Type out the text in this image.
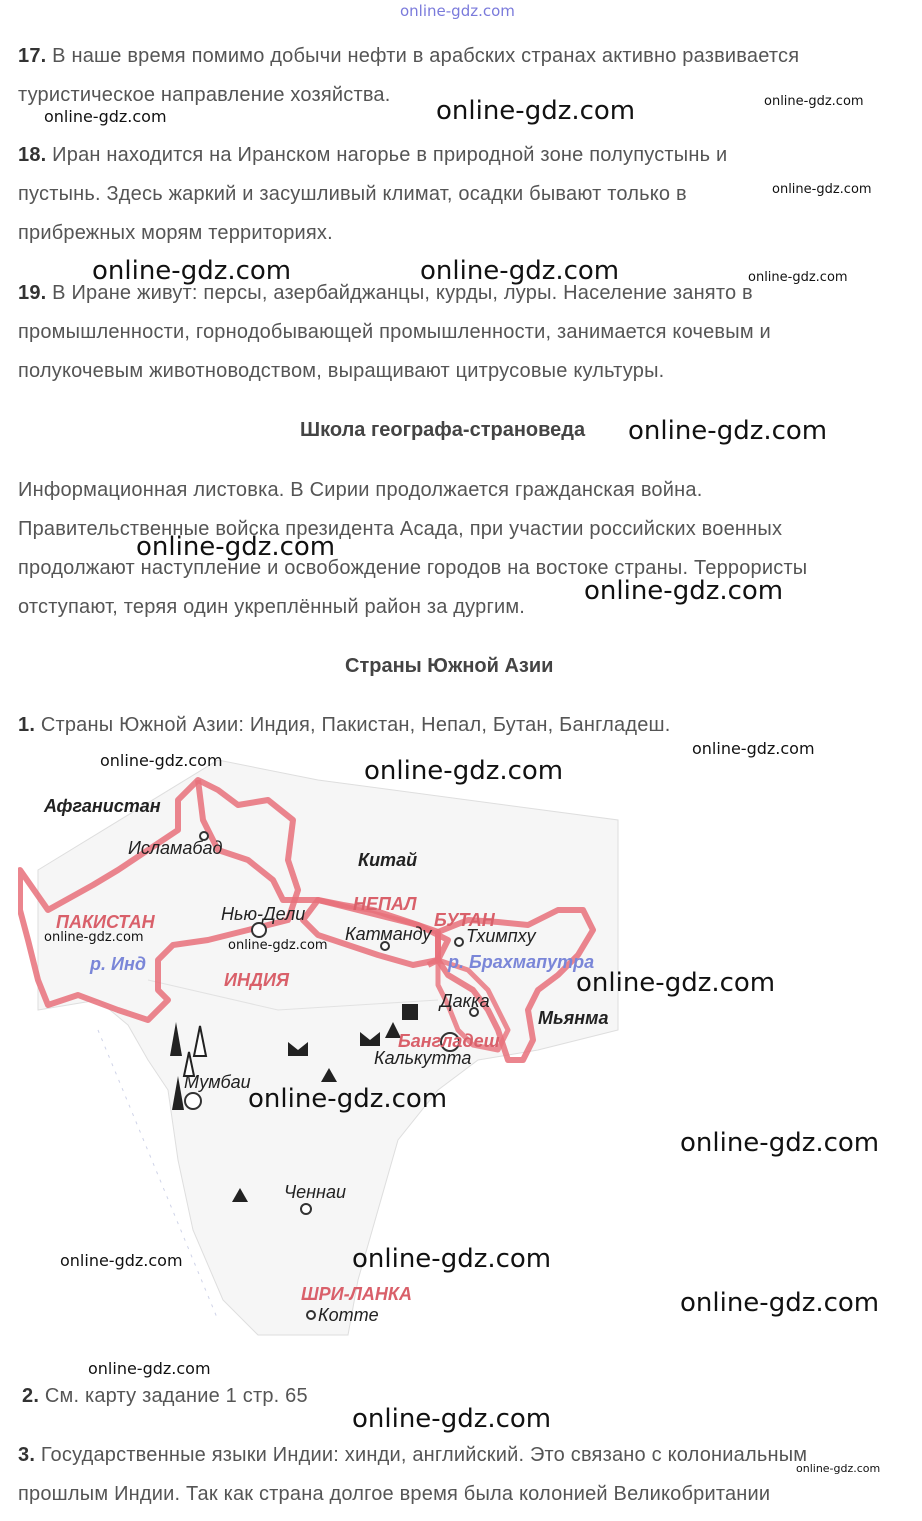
online-gdz.com
17. В наше время помимо добычи нефти в арабских странах активно развивается
туристическое направление хозяйства.
18. Иран находится на Иранском нагорье в природной зоне полупустынь и
пустынь. Здесь жаркий и засушливый климат, осадки бывают только в
прибрежных морям территориях.
19. В Иране живут: персы, азербайджанцы, курды, луры. Население занято в
промышленности, горнодобывающей промышленности, занимается кочевым и
полукочевым животноводством, выращивают цитрусовые культуры.
Школа географа-страноведа
Информационная листовка. В Сирии продолжается гражданская война.
Правительственные войска президента Асада, при участии российских военных
продолжают наступление и освобождение городов на востоке страны. Террористы
отступают, теряя один укреплённый район за дургим.
Страны Южной Азии
1. Страны Южной Азии: Индия, Пакистан, Непал, Бутан, Бангладеш.
Афганистан
Исламабад
Китай
НЕПАЛ
ПАКИСТАН	Нью-Дели
Катманду
БУТАН
Тхимпху
р. Инд	р. Брахмапутра
ИНДИЯ
Дакка
Мьянма
Бангладеш
Калькутта
Мумбаи
Ченнаи
ШРИ-ЛАНКА
Котте
2. См. карту задание 1 стр. 65
3. Государственные языки Индии: хинди, английский. Это связано с колониальным
прошлым Индии. Так как страна долгое время была колонией Великобритании
online-gdz.com
online-gdz.com
online-gdz.com
online-gdz.com
online-gdz.com	online-gdz.com	online-gdz.com
online-gdz.com
online-gdz.com
online-gdz.com
online-gdz.com
online-gdz.com	online-gdz.com
online-gdz.com
online-gdz.com
online-gdz.com
online-gdz.com
online-gdz.com
online-gdz.com	online-gdz.com
online-gdz.com
online-gdz.com
online-gdz.com
online-gdz.com
